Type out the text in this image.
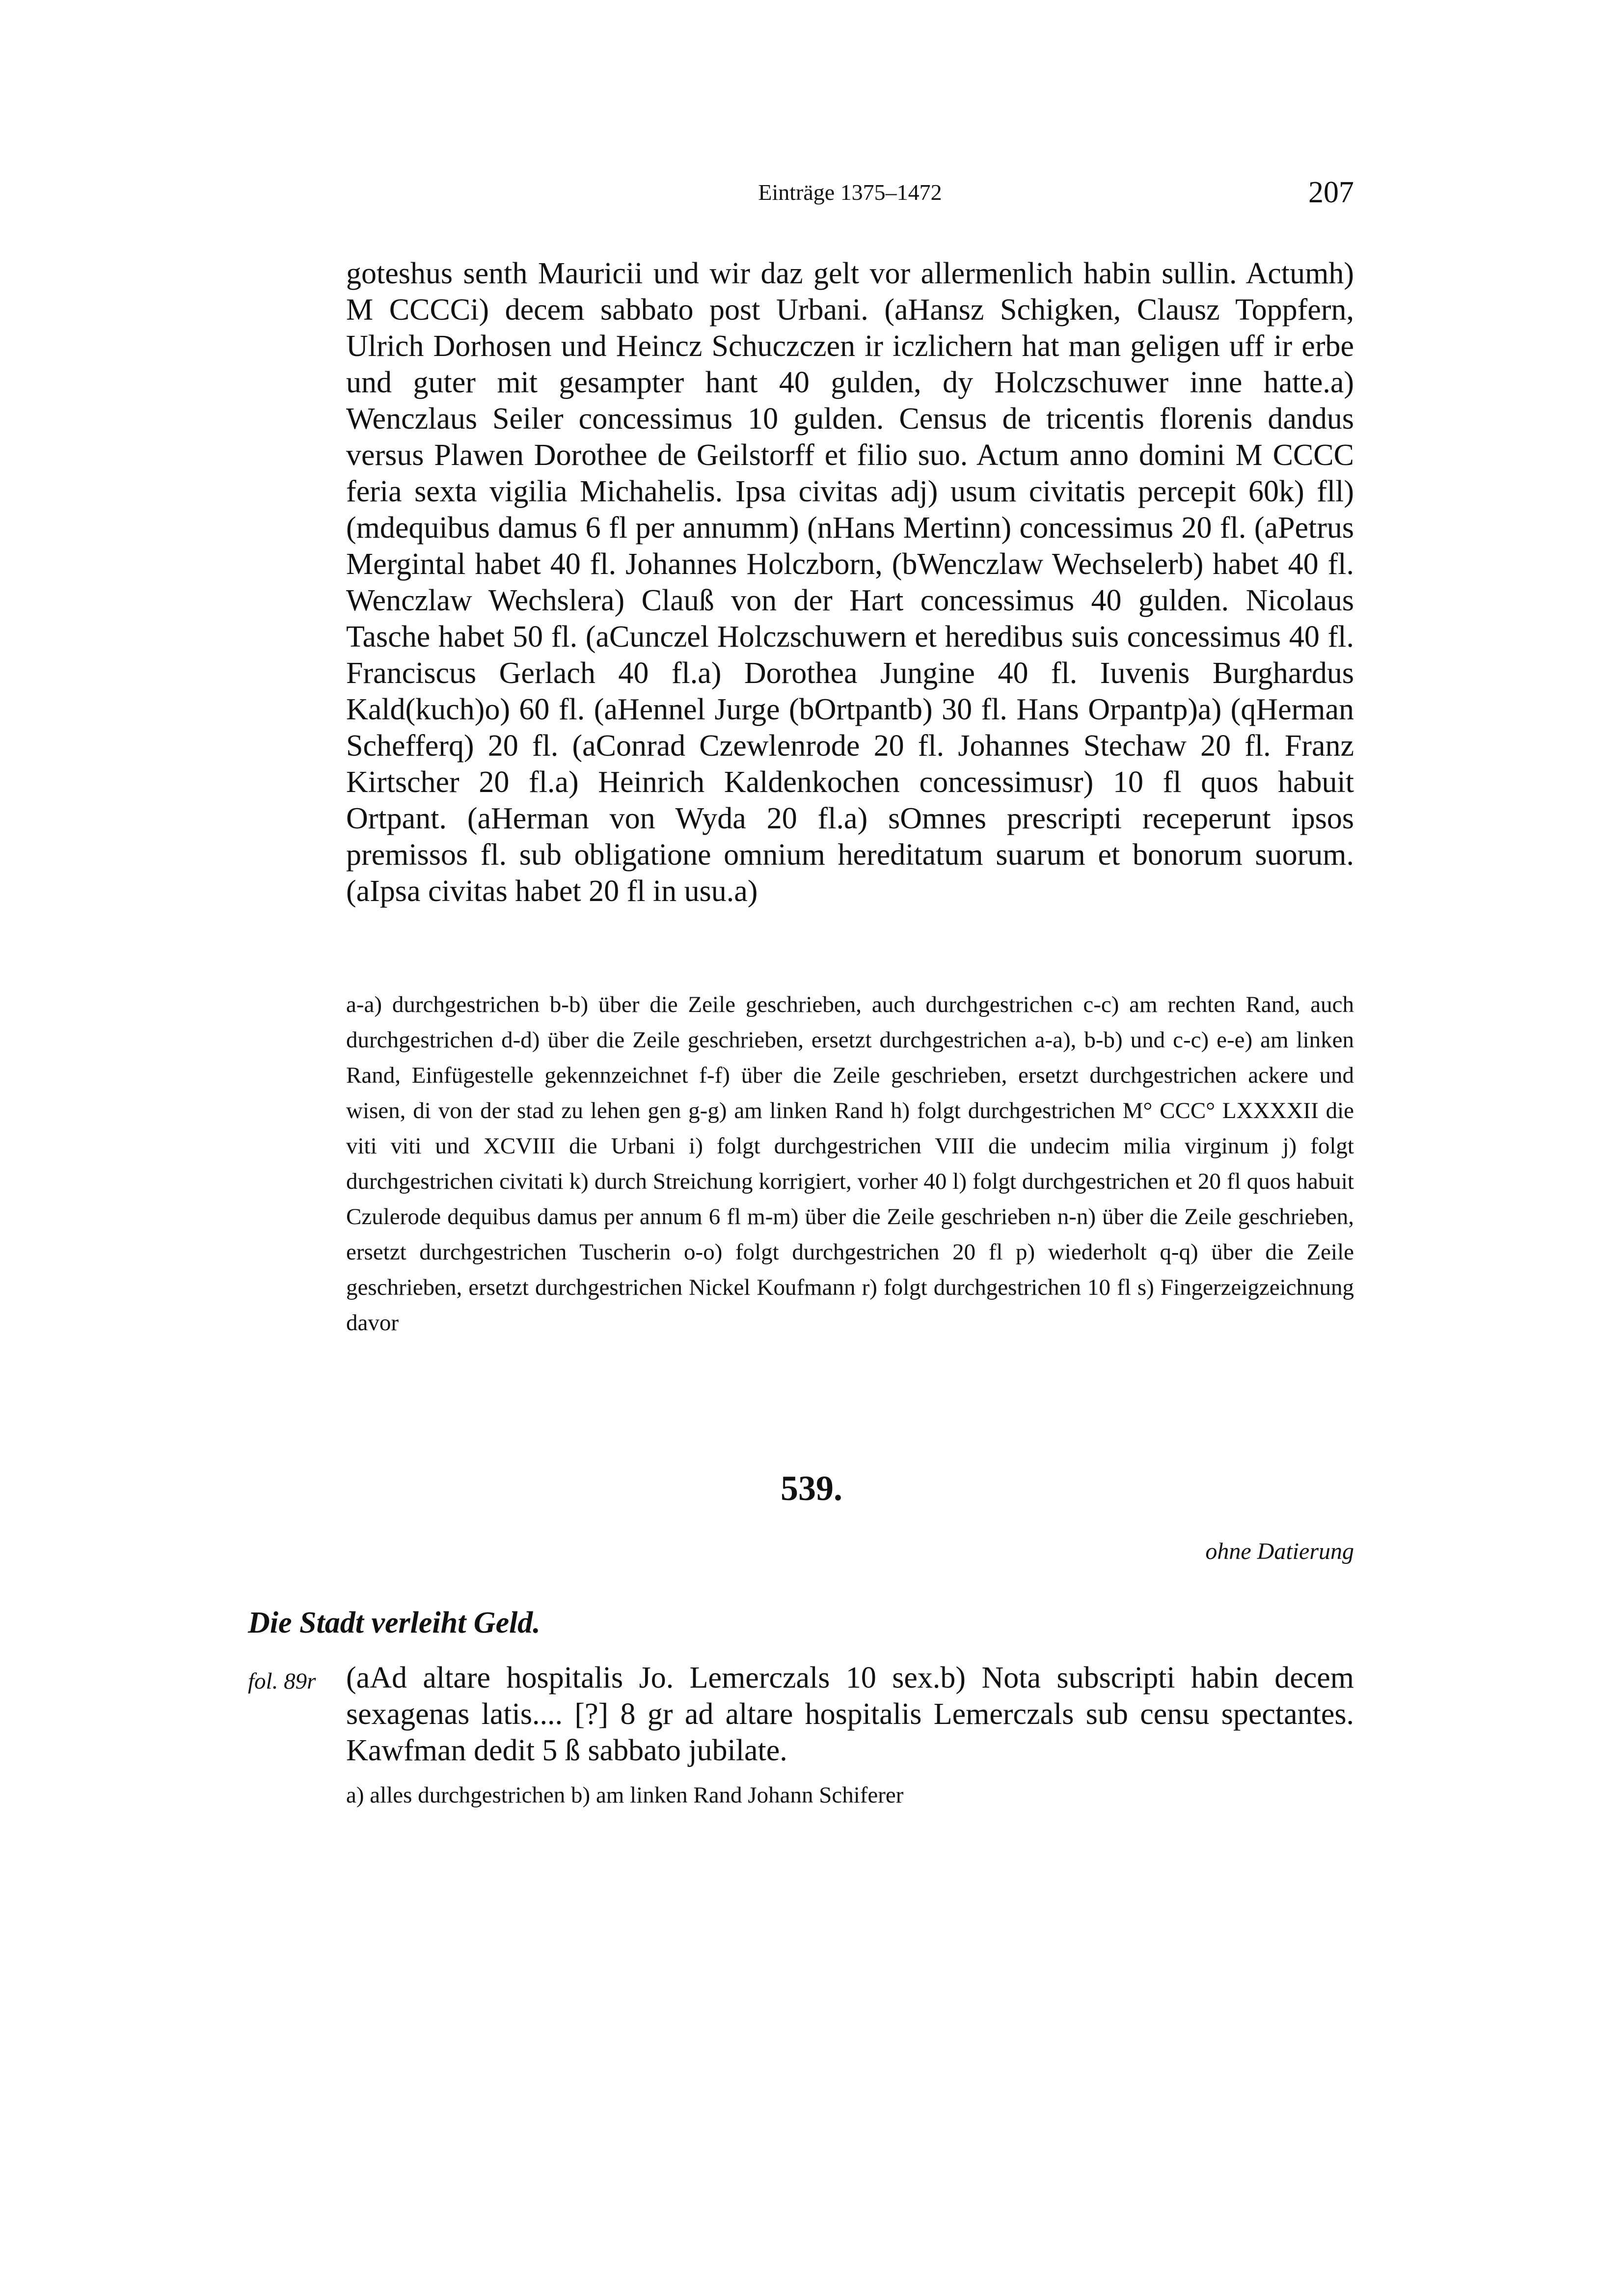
Einträge 1375–1472	207

goteshus senth Mauricii und wir daz gelt vor allermenlich habin sullin. Actumh) M CCCCi) decem sabbato post Urbani. (aHansz Schigken, Clausz Toppfern, Ulrich Dorhosen und Heincz Schuczczen ir iczlichern hat man geligen uff ir erbe und guter mit gesampter hant 40 gulden, dy Holczschuwer inne hatte.a) Wenczlaus Seiler concessimus 10 gulden. Census de tricentis florenis dandus versus Plawen Dorothee de Geilstorff et filio suo. Actum anno domini M CCCC feria sexta vigilia Michahelis. Ipsa civitas adj) usum civitatis percepit 60k) fll) (mdequibus damus 6 fl per annumm) (nHans Mertinn) concessimus 20 fl. (aPetrus Mergintal habet 40 fl. Johannes Holczborn, (bWenczlaw Wechselerb) habet 40 fl. Wenczlaw Wechslera) Clauß von der Hart concessimus 40 gulden. Nicolaus Tasche habet 50 fl. (aCunczel Holczschuwern et heredibus suis concessimus 40 fl. Franciscus Gerlach 40 fl.a) Dorothea Jungine 40 fl. Iuvenis Burghardus Kald(kuch)o) 60 fl. (aHennel Jurge (bOrtpantb) 30 fl. Hans Orpantp)a) (qHerman Schefferq) 20 fl. (aConrad Czewlenrode 20 fl. Johannes Stechaw 20 fl. Franz Kirtscher 20 fl.a) Heinrich Kaldenkochen concessimusr) 10 fl quos habuit Ortpant. (aHerman von Wyda 20 fl.a) sOmnes prescripti receperunt ipsos premissos fl. sub obligatione omnium hereditatum suarum et bonorum suorum. (aIpsa civitas habet 20 fl in usu.a)

a-a) durchgestrichen b-b) über die Zeile geschrieben, auch durchgestrichen c-c) am rechten Rand, auch durchgestrichen d-d) über die Zeile geschrieben, ersetzt durchgestrichen a-a), b-b) und c-c) e-e) am linken Rand, Einfügestelle gekennzeichnet f-f) über die Zeile geschrieben, ersetzt durchgestrichen ackere und wisen, di von der stad zu lehen gen g-g) am linken Rand h) folgt durchgestrichen M° CCC° LXXXXII die viti viti und XCVIII die Urbani i) folgt durchgestrichen VIII die undecim milia virginum j) folgt durchgestrichen civitati k) durch Streichung korrigiert, vorher 40 l) folgt durchgestrichen et 20 fl quos habuit Czulerode dequibus damus per annum 6 fl m-m) über die Zeile geschrieben n-n) über die Zeile geschrieben, ersetzt durchgestrichen Tuscherin o-o) folgt durchgestrichen 20 fl p) wiederholt q-q) über die Zeile geschrieben, ersetzt durchgestrichen Nickel Koufmann r) folgt durchgestrichen 10 fl s) Fingerzeigzeichnung davor

539.
ohne Datierung
Die Stadt verleiht Geld.
fol. 89r (aAd altare hospitalis Jo. Lemerczals 10 sex.b) Nota subscripti habin decem sexagenas latis.... [?] 8 gr ad altare hospitalis Lemerczals sub censu spectantes. Kawfman dedit 5 ß sabbato jubilate.

a) alles durchgestrichen b) am linken Rand Johann Schiferer
